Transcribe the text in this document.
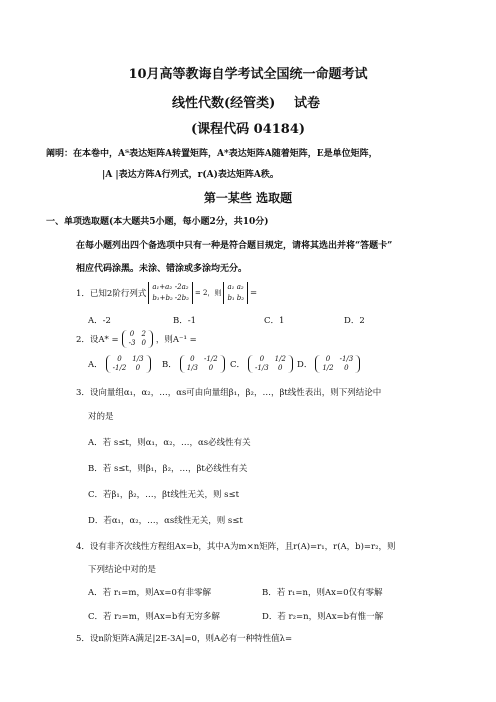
10月高等教诲自学考试全国统一命题考试
线性代数(经管类) 试卷
(课程代码 04184)
阐明：在本卷中，Aᵀ表达矩阵A转置矩阵，A*表达矩阵A随着矩阵，E是单位矩阵，
|A |表达方阵A行列式，r(A)表达矩阵A秩。
第一某些 选取题
一、单项选取题(本大题共5小题，每小题2分，共10分)
在每小题列出四个备选项中只有一种是符合题目规定，请将其选出并将“答题卡”
相应代码涂黑。未涂、错涂或多涂均无分。
1．已知2阶行列式
a₁+a₂	-2a₂
b₁+b₂	-2b₂
= 2，则
a₁	a₂
b₁	b₂ =
A．-2	B．-1	C．1	D．2
2．设A* =
0	2
-3	0 ，则A⁻¹ =
A．
0	1/3
-1/2	0	B．
0	-1/2
1/3	0 C．
0	1/2
-1/3	0 D．
0	-1/3
1/2	0
3．设向量组α₁，α₂，…，αs可由向量组β₁，β₂，…，βt线性表出，则下列结论中
对的是
A．若 s≤t，则α₁，α₂，…，αs必线性有关
B．若 s≤t，则β₁，β₂，…，βt必线性有关
C．若β₁，β₂，…，βt线性无关，则 s≤t
D．若α₁，α₂，…，αs线性无关，则 s≤t
4．设有非齐次线性方程组Ax=b，其中A为m×n矩阵，且r(A)=r₁，r(A，b)=r₂，则
下列结论中对的是
A．若 r₁=m，则Ax=0有非零解	B．若 r₁=n，则Ax=0仅有零解
C．若 r₂=m，则Ax=b有无穷多解	D．若 r₂=n，则Ax=b有惟一解
5．设n阶矩阵A满足|2E-3A|=0，则A必有一种特性值λ=
